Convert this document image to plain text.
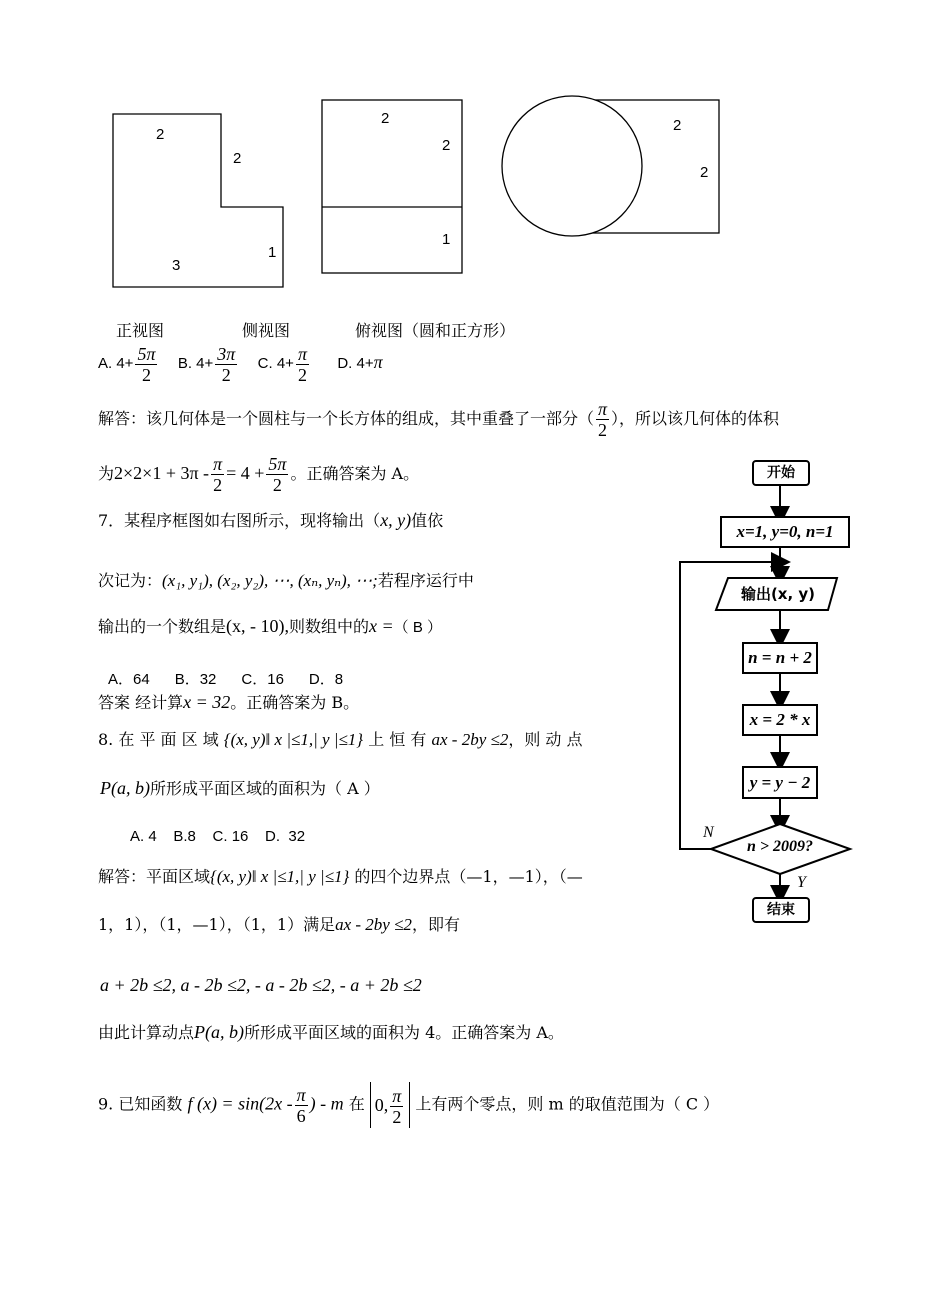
2
2
3
1
2
2
1
2
2
正视图	侧视图	俯视图（圆和正方形）
A. $4+ \frac{5\pi}{2} B$. $4+ \frac{3\pi}{2} C$. $4+ \frac{\pi}{2} D$. 4+π
解答：该几何体是一个圆柱与一个长方体的组成，其中重叠了一部分（ $\frac{\pi}{2}$ ），所以该几何体的体积
为$2\times 2\times 1 + 3\pi - \frac{\pi}{2} = 4 + \frac{5\pi}{2}$ 。正确答案为 A。
7．某程序框图如右图所示，现将输出（x, y)值依
次记为：(x₁, y₁), (x₂, y₂), ⋯, (xₙ, yₙ), ⋯;若程序运行中
输出的一个数组是(x, - 10),则数组中的x =（ B ）
A．64      B．32      C．16      D．8
答案 经计算x = 32。正确答案为 B。
8. 在 平 面 区 域 {(x, y)‖ x |≤1,| y |≤1} 上 恒 有 ax - 2by ≤2，则 动 点
P(a, b)所形成平面区域的面积为（ A ）
A. 4    B.8    C. 16    D.  32
解答：平面区域{(x, y)‖ x |≤1,| y |≤1} 的四个边界点（—1，—1），（—
1，1），（1，—1），（1，1）满足ax - 2by ≤2，即有
a + 2b ≤2, a - 2b ≤2, - a - 2b ≤2, - a + 2b ≤2
由此计算动点P(a, b)所形成平面区域的面积为 4。正确答案为 A。
9. 已知函数 f $(x) = \sin(2x - \frac{\pi}{6}$ ) - m 在 0, $\frac{\pi}{2}$ 上有两个零点，则 m 的取值范围为（ C ）
开始
x=1, y=0, n=1
输出(x, y)
n = n + 2
x = 2 * x
y = y − 2
n > 2009?
N
Y
结束
